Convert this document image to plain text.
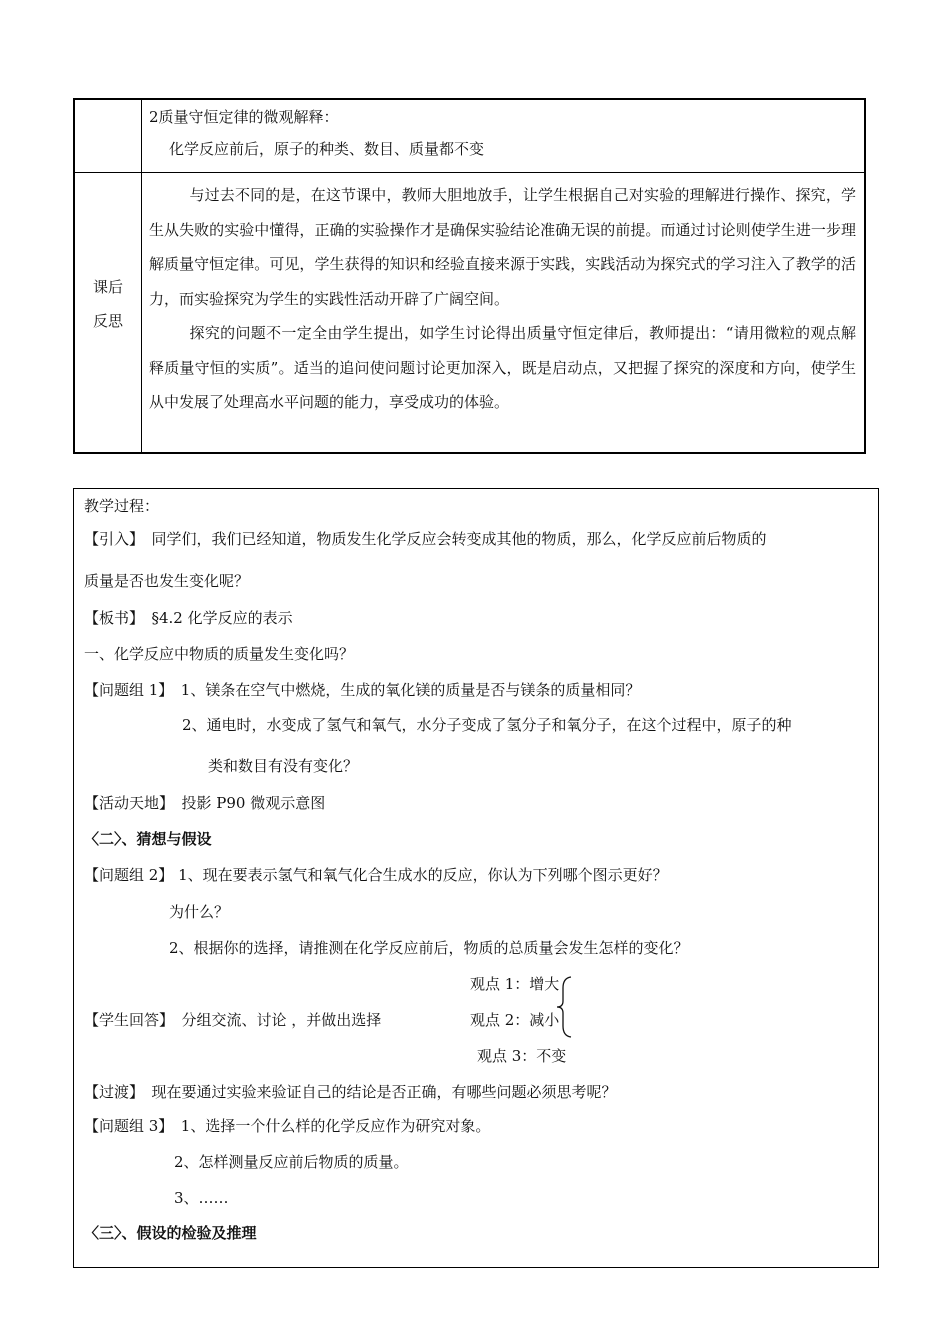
2质量守恒定律的微观解释：
化学反应前后，原子的种类、数目、质量都不变
课后
反思

与过去不同的是，在这节课中，教师大胆地放手，让学生根据自己对实验的理解进行操作、探究，学生从失败的实验中懂得，正确的实验操作才是确保实验结论准确无误的前提。而通过讨论则使学生进一步理解质量守恒定律。可见，学生获得的知识和经验直接来源于实践，实践活动为探究式的学习注入了教学的活力，而实验探究为学生的实践性活动开辟了广阔空间。

探究的问题不一定全由学生提出，如学生讨论得出质量守恒定律后，教师提出：“请用微粒的观点解释质量守恒的实质”。适当的追问使问题讨论更加深入，既是启动点，又把握了探究的深度和方向，使学生从中发展了处理高水平问题的能力，享受成功的体验。

教学过程：
【引入】　同学们，我们已经知道，物质发生化学反应会转变成其他的物质，那么，化学反应前后物质的
质量是否也发生变化呢？
【板书】　§4.2 化学反应的表示
一、化学反应中物质的质量发生变化吗？
【问题组 1】　1、镁条在空气中燃烧，生成的氧化镁的质量是否与镁条的质量相同？
2、通电时，水变成了氢气和氧气，水分子变成了氢分子和氧分子，在这个过程中，原子的种
类和数目有没有变化？
【活动天地】　投影 P90 微观示意图
〈二〉、猜想与假设
【问题组 2】 1、现在要表示氢气和氧气化合生成水的反应，你认为下列哪个图示更好？
为什么？
2、根据你的选择，请推测在化学反应前后，物质的总质量会发生怎样的变化？
观点 1：增大
【学生回答】　分组交流、讨论 ，并做出选择	观点 2：减小
观点 3：不变
【过渡】　现在要通过实验来验证自己的结论是否正确，有哪些问题必须思考呢？
【问题组 3】　1、选择一个什么样的化学反应作为研究对象。
2、怎样测量反应前后物质的质量。
3、……
〈三〉、假设的检验及推理
